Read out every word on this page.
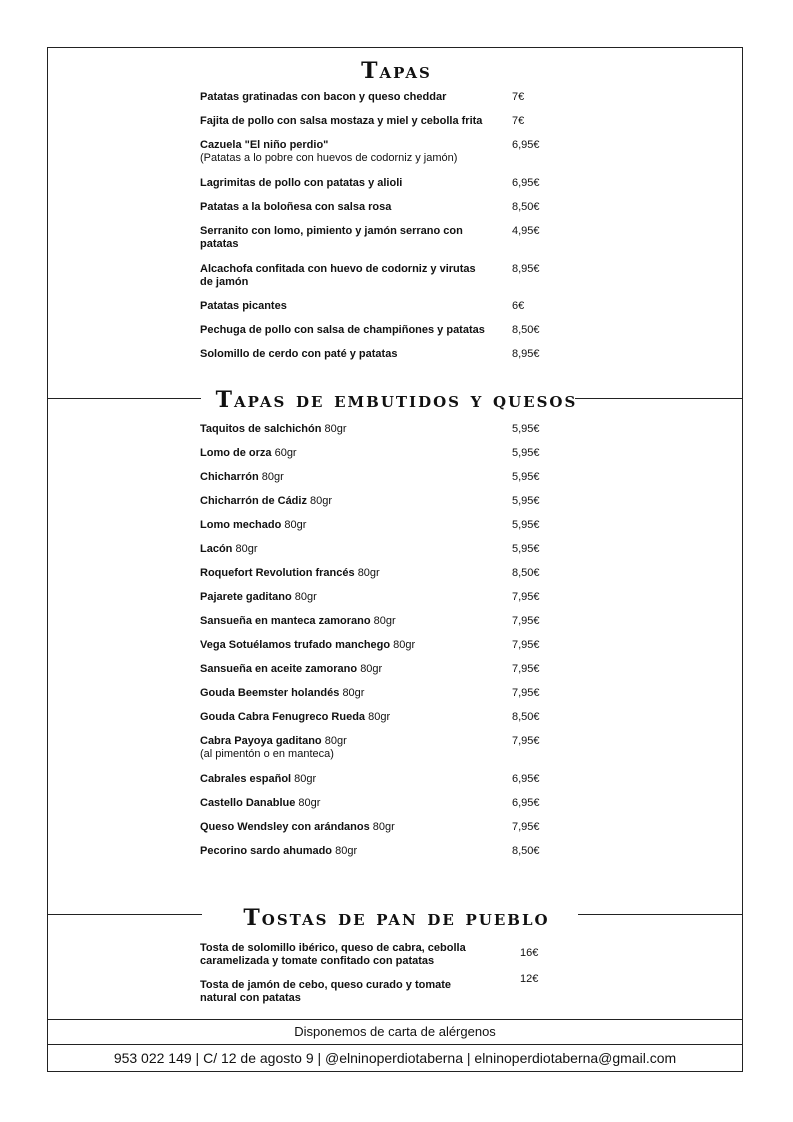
Tapas
Patatas gratinadas con bacon y queso cheddar	7€
Fajita de pollo con salsa mostaza y miel y cebolla frita	7€
Cazuela "El niño perdio"
(Patatas a lo pobre con huevos de codorniz y jamón)
6,95€
Lagrimitas de pollo con patatas y alioli	6,95€
Patatas a la boloñesa con salsa rosa	8,50€
Serranito con lomo, pimiento y jamón serrano con patatas
4,95€
Alcachofa confitada con huevo de codorniz y virutas de jamón
8,95€
Patatas picantes	6€
Pechuga de pollo con salsa de champiñones y patatas	8,50€
Solomillo de cerdo con paté y patatas	8,95€
Tapas de embutidos y quesos
Taquitos de salchichón 80gr	5,95€
Lomo de orza 60gr	5,95€
Chicharrón 80gr	5,95€
Chicharrón de Cádiz 80gr	5,95€
Lomo mechado 80gr	5,95€
Lacón 80gr	5,95€
Roquefort Revolution francés 80gr	8,50€
Pajarete gaditano 80gr	7,95€
Sansueña en manteca zamorano 80gr	7,95€
Vega Sotuélamos trufado manchego 80gr	7,95€
Sansueña en aceite zamorano 80gr	7,95€
Gouda Beemster holandés 80gr	7,95€
Gouda Cabra Fenugreco Rueda 80gr	8,50€
Cabra Payoya gaditano 80gr
(al pimentón o en manteca)
7,95€
Cabrales español 80gr	6,95€
Castello Danablue 80gr	6,95€
Queso Wendsley con arándanos 80gr	7,95€
Pecorino sardo ahumado 80gr	8,50€
Tostas de pan de pueblo
Tosta de solomillo ibérico, queso de cabra, cebolla caramelizada y tomate confitado con patatas
16€
Tosta de jamón de cebo, queso curado y tomate natural con patatas
12€
Disponemos de carta de alérgenos
953 022 149 | C/ 12 de agosto 9 | @elninoperdiotaberna | elninoperdiotaberna@gmail.com
